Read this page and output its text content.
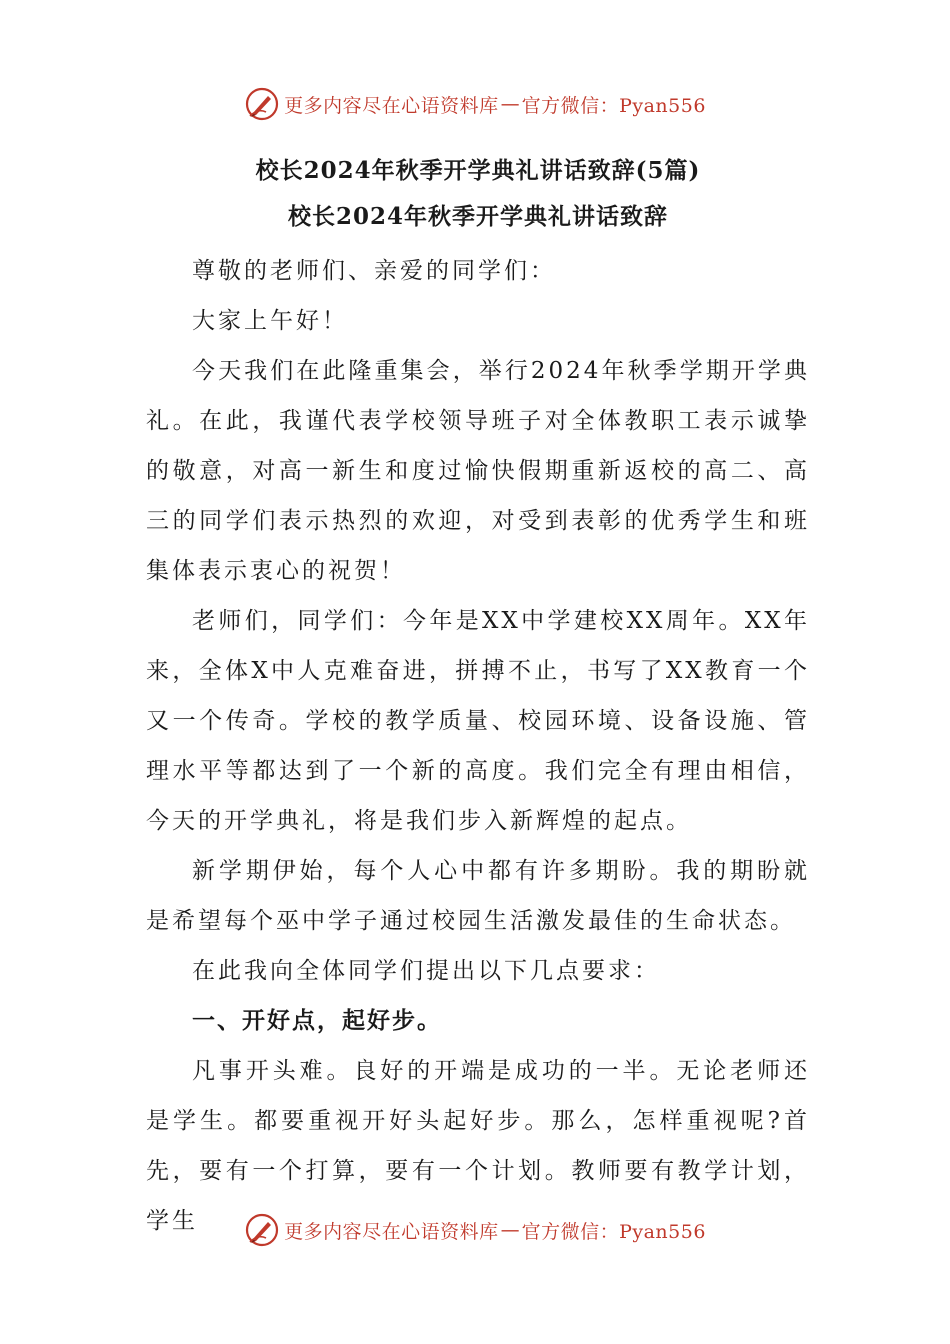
更多内容尽在心语资料库 — 官方微信：Pyan556
校长2024年秋季开学典礼讲话致辞(5篇)
校长2024年秋季开学典礼讲话致辞

尊敬的老师们、亲爱的同学们：

大家上午好！

今天我们在此隆重集会，举行2024年秋季学期开学典礼。在此，我谨代表学校领导班子对全体教职工表示诚挚的敬意，对高一新生和度过愉快假期重新返校的高二、高三的同学们表示热烈的欢迎，对受到表彰的优秀学生和班集体表示衷心的祝贺！

老师们，同学们：今年是XX中学建校XX周年。XX年来，全体X中人克难奋进，拼搏不止，书写了XX教育一个又一个传奇。学校的教学质量、校园环境、设备设施、管理水平等都达到了一个新的高度。我们完全有理由相信，今天的开学典礼，将是我们步入新辉煌的起点。

新学期伊始，每个人心中都有许多期盼。我的期盼就是希望每个巫中学子通过校园生活激发最佳的生命状态。

在此我向全体同学们提出以下几点要求：

一、开好点，起好步。

凡事开头难。良好的开端是成功的一半。无论老师还是学生。都要重视开好头起好步。那么，怎样重视呢?首先，要有一个打算，要有一个计划。教师要有教学计划，学生	更多内容尽在心语资料库 — 官方微信：Pyan556
